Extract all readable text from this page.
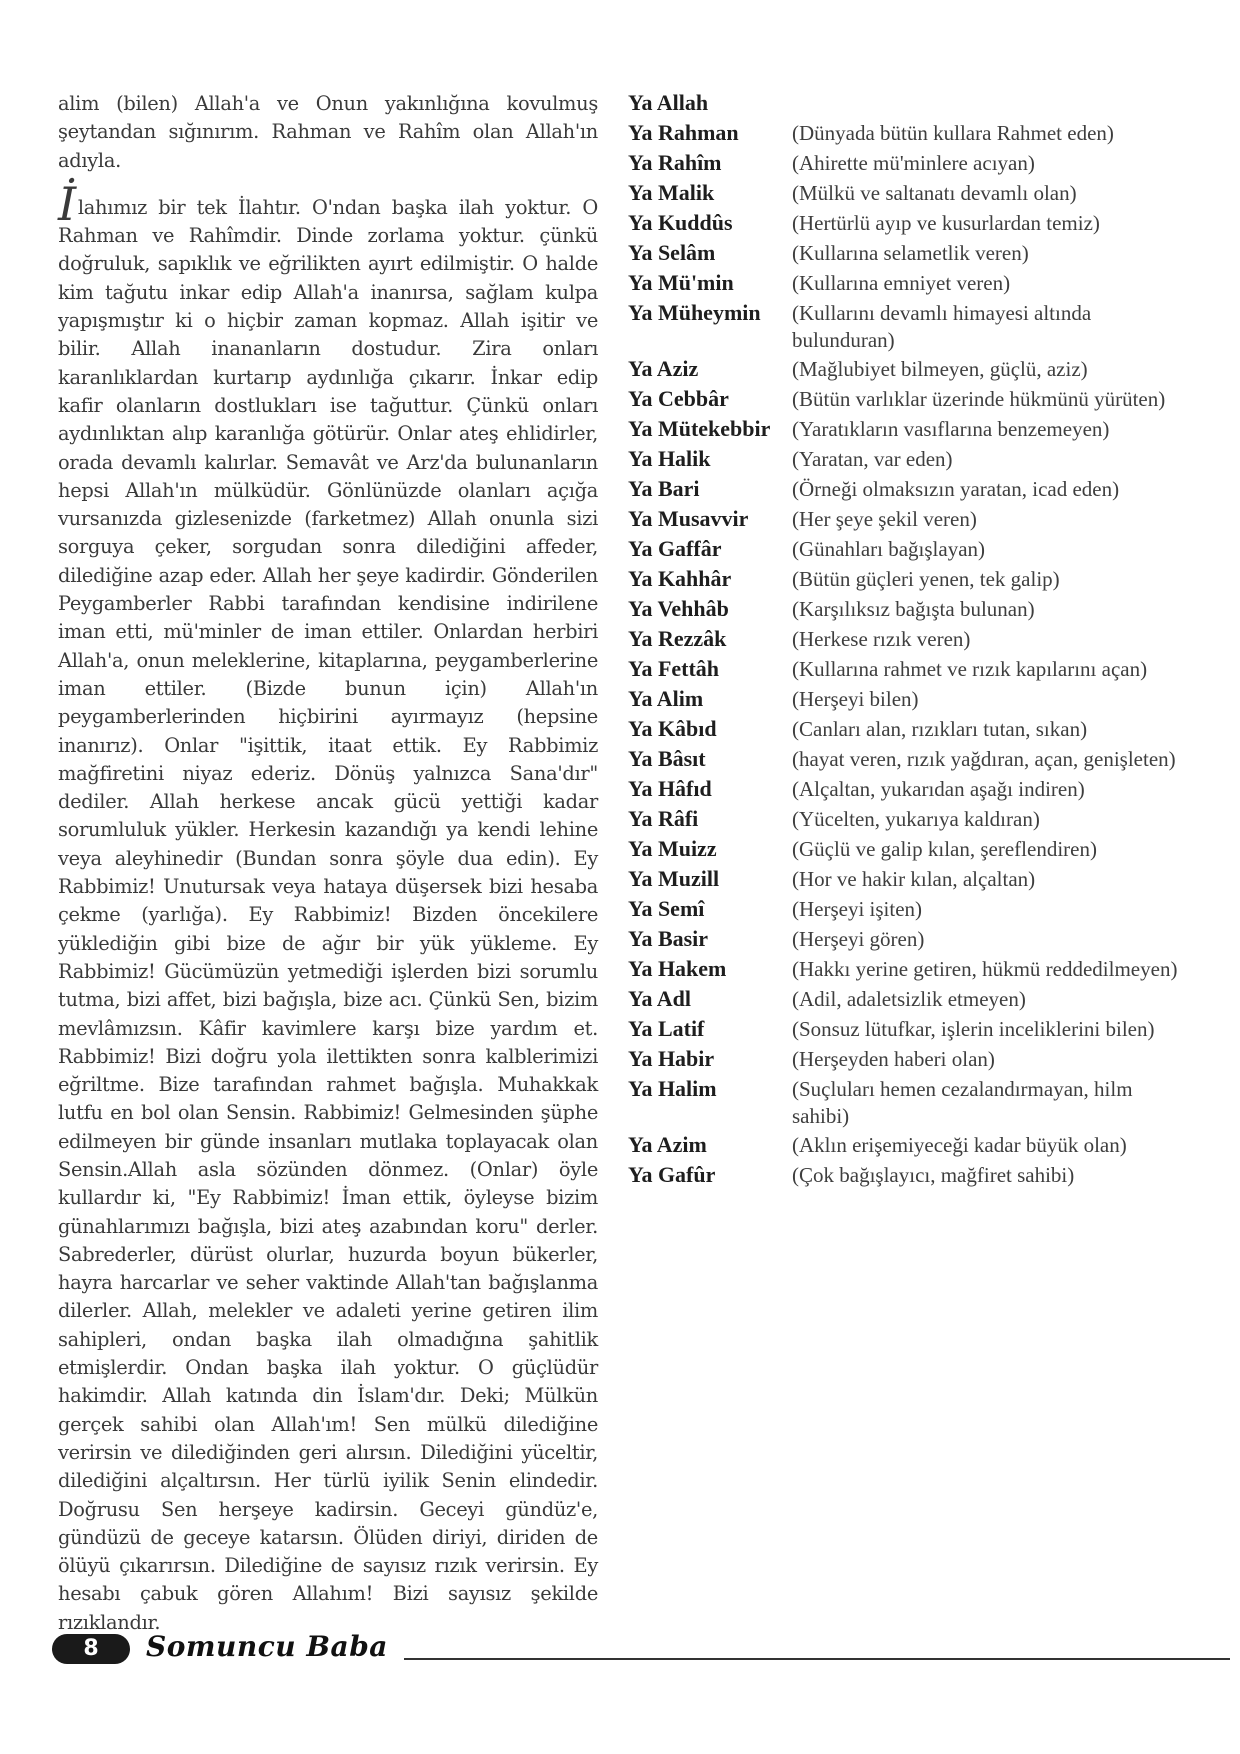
alim (bilen) Allah'a ve Onun yakınlığına kovulmuş şeytandan sığınırım. Rahman ve Rahîm olan Allah'ın adıyla.

İlahımız bir tek İlahtır. O'ndan başka ilah yoktur. O Rahman ve Rahîmdir. Dinde zorlama yoktur. çünkü doğruluk, sapıklık ve eğrilikten ayırt edilmiştir. O halde kim tağutu inkar edip Allah'a inanırsa, sağlam kulpa yapışmıştır ki o hiçbir zaman kopmaz. Allah işitir ve bilir. Allah inananların dostudur. Zira onları karanlıklardan kurtarıp aydınlığa çıkarır. İnkar edip kafir olanların dostlukları ise tağuttur. Çünkü onları aydınlıktan alıp karanlığa götürür. Onlar ateş ehlidirler, orada devamlı kalırlar. Semavât ve Arz'da bulunanların hepsi Allah'ın mülküdür. Gönlünüzde olanları açığa vursanızda gizlesenizde (farketmez) Allah onunla sizi sorguya çeker, sorgudan sonra dilediğini affeder, dilediğine azap eder. Allah her şeye kadirdir. Gönderilen Peygamberler Rabbi tarafından kendisine indirilene iman etti, mü'minler de iman ettiler. Onlardan herbiri Allah'a, onun meleklerine, kitaplarına, peygamberlerine iman ettiler. (Bizde bunun için) Allah'ın peygamberlerinden hiçbirini ayırmayız (hepsine inanırız). Onlar "işittik, itaat ettik. Ey Rabbimiz mağfiretini niyaz ederiz. Dönüş yalnızca Sana'dır" dediler. Allah herkese ancak gücü yettiği kadar sorumluluk yükler. Herkesin kazandığı ya kendi lehine veya aleyhinedir (Bundan sonra şöyle dua edin). Ey Rabbimiz! Unutursak veya hataya düşersek bizi hesaba çekme (yarlığa). Ey Rabbimiz! Bizden öncekilere yüklediğin gibi bize de ağır bir yük yükleme. Ey Rabbimiz! Gücümüzün yetmediği işlerden bizi sorumlu tutma, bizi affet, bizi bağışla, bize acı. Çünkü Sen, bizim mevlâmızsın. Kâfir kavimlere karşı bize yardım et. Rabbimiz! Bizi doğru yola ilettikten sonra kalblerimizi eğriltme. Bize tarafından rahmet bağışla. Muhakkak lutfu en bol olan Sensin. Rabbimiz! Gelmesinden şüphe edilmeyen bir günde insanları mutlaka toplayacak olan Sensin.Allah asla sözünden dönmez. (Onlar) öyle kullardır ki, "Ey Rabbimiz! İman ettik, öyleyse bizim günahlarımızı bağışla, bizi ateş azabından koru" derler. Sabrederler, dürüst olurlar, huzurda boyun bükerler, hayra harcarlar ve seher vaktinde Allah'tan bağışlanma dilerler. Allah, melekler ve adaleti yerine getiren ilim sahipleri, ondan başka ilah olmadığına şahitlik etmişlerdir. Ondan başka ilah yoktur. O güçlüdür hakimdir. Allah katında din İslam'dır. Deki; Mülkün gerçek sahibi olan Allah'ım! Sen mülkü dilediğine verirsin ve dilediğinden geri alırsın. Dilediğini yüceltir, dilediğini alçaltırsın. Her türlü iyilik Senin elindedir. Doğrusu Sen herşeye kadirsin. Geceyi gündüz'e, gündüzü de geceye katarsın. Ölüden diriyi, diriden de ölüyü çıkarırsın. Dilediğine de sayısız rızık verirsin. Ey hesabı çabuk gören Allahım! Bizi sayısız şekilde rızıklandır.

Ya Allah
Ya Rahman	(Dünyada bütün kullara Rahmet eden)
Ya Rahîm	(Ahirette mü'minlere acıyan)
Ya Malik	(Mülkü ve saltanatı devamlı olan)
Ya Kuddûs	(Hertürlü ayıp ve kusurlardan temiz)
Ya Selâm	(Kullarına selametlik veren)
Ya Mü'min	(Kullarına emniyet veren)
Ya Müheymin	(Kullarını devamlı himayesi altında bulunduran)
Ya Aziz	(Mağlubiyet bilmeyen, güçlü, aziz)
Ya Cebbâr	(Bütün varlıklar üzerinde hükmünü yürüten)
Ya Mütekebbir	(Yaratıkların vasıflarına benzemeyen)
Ya Halik	(Yaratan, var eden)
Ya Bari	(Örneği olmaksızın yaratan, icad eden)
Ya Musavvir	(Her şeye şekil veren)
Ya Gaffâr	(Günahları bağışlayan)
Ya Kahhâr	(Bütün güçleri yenen, tek galip)
Ya Vehhâb	(Karşılıksız bağışta bulunan)
Ya Rezzâk	(Herkese rızık veren)
Ya Fettâh	(Kullarına rahmet ve rızık kapılarını açan)
Ya Alim	(Herşeyi bilen)
Ya Kâbıd	(Canları alan, rızıkları tutan, sıkan)
Ya Bâsıt	(hayat veren, rızık yağdıran, açan, genişleten)
Ya Hâfıd	(Alçaltan, yukarıdan aşağı indiren)
Ya Râfi	(Yücelten, yukarıya kaldıran)
Ya Muizz	(Güçlü ve galip kılan, şereflendiren)
Ya Muzill	(Hor ve hakir kılan, alçaltan)
Ya Semî	(Herşeyi işiten)
Ya Basir	(Herşeyi gören)
Ya Hakem	(Hakkı yerine getiren, hükmü reddedilmeyen)
Ya Adl	(Adil, adaletsizlik etmeyen)
Ya Latif	(Sonsuz lütufkar, işlerin inceliklerini bilen)
Ya Habir	(Herşeyden haberi olan)
Ya Halim	(Suçluları hemen cezalandırmayan, hilm sahibi)
Ya Azim	(Aklın erişemiyeceği kadar büyük olan)
Ya Gafûr	(Çok bağışlayıcı, mağfiret sahibi)
8	Somuncu Baba
